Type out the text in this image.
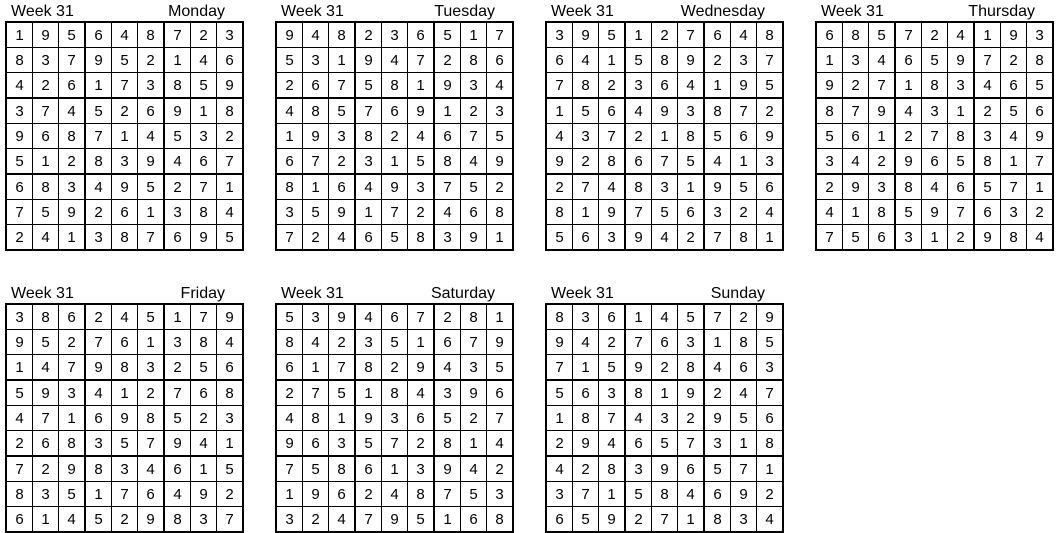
Week 31	Monday
1	9	5	6	4	8	7	2	3
8	3	7	9	5	2	1	4	6
4	2	6	1	7	3	8	5	9
3	7	4	5	2	6	9	1	8
9	6	8	7	1	4	5	3	2
5	1	2	8	3	9	4	6	7
6	8	3	4	9	5	2	7	1
7	5	9	2	6	1	3	8	4
2	4	1	3	8	7	6	9	5
Week 31	Tuesday
9	4	8	2	3	6	5	1	7
5	3	1	9	4	7	2	8	6
2	6	7	5	8	1	9	3	4
4	8	5	7	6	9	1	2	3
1	9	3	8	2	4	6	7	5
6	7	2	3	1	5	8	4	9
8	1	6	4	9	3	7	5	2
3	5	9	1	7	2	4	6	8
7	2	4	6	5	8	3	9	1
Week 31	Wednesday
3	9	5	1	2	7	6	4	8
6	4	1	5	8	9	2	3	7
7	8	2	3	6	4	1	9	5
1	5	6	4	9	3	8	7	2
4	3	7	2	1	8	5	6	9
9	2	8	6	7	5	4	1	3
2	7	4	8	3	1	9	5	6
8	1	9	7	5	6	3	2	4
5	6	3	9	4	2	7	8	1
Week 31	Thursday
6	8	5	7	2	4	1	9	3
1	3	4	6	5	9	7	2	8
9	2	7	1	8	3	4	6	5
8	7	9	4	3	1	2	5	6
5	6	1	2	7	8	3	4	9
3	4	2	9	6	5	8	1	7
2	9	3	8	4	6	5	7	1
4	1	8	5	9	7	6	3	2
7	5	6	3	1	2	9	8	4
Week 31	Friday
3	8	6	2	4	5	1	7	9
9	5	2	7	6	1	3	8	4
1	4	7	9	8	3	2	5	6
5	9	3	4	1	2	7	6	8
4	7	1	6	9	8	5	2	3
2	6	8	3	5	7	9	4	1
7	2	9	8	3	4	6	1	5
8	3	5	1	7	6	4	9	2
6	1	4	5	2	9	8	3	7
Week 31	Saturday
5	3	9	4	6	7	2	8	1
8	4	2	3	5	1	6	7	9
6	1	7	8	2	9	4	3	5
2	7	5	1	8	4	3	9	6
4	8	1	9	3	6	5	2	7
9	6	3	5	7	2	8	1	4
7	5	8	6	1	3	9	4	2
1	9	6	2	4	8	7	5	3
3	2	4	7	9	5	1	6	8
Week 31	Sunday
8	3	6	1	4	5	7	2	9
9	4	2	7	6	3	1	8	5
7	1	5	9	2	8	4	6	3
5	6	3	8	1	9	2	4	7
1	8	7	4	3	2	9	5	6
2	9	4	6	5	7	3	1	8
4	2	8	3	9	6	5	7	1
3	7	1	5	8	4	6	9	2
6	5	9	2	7	1	8	3	4
